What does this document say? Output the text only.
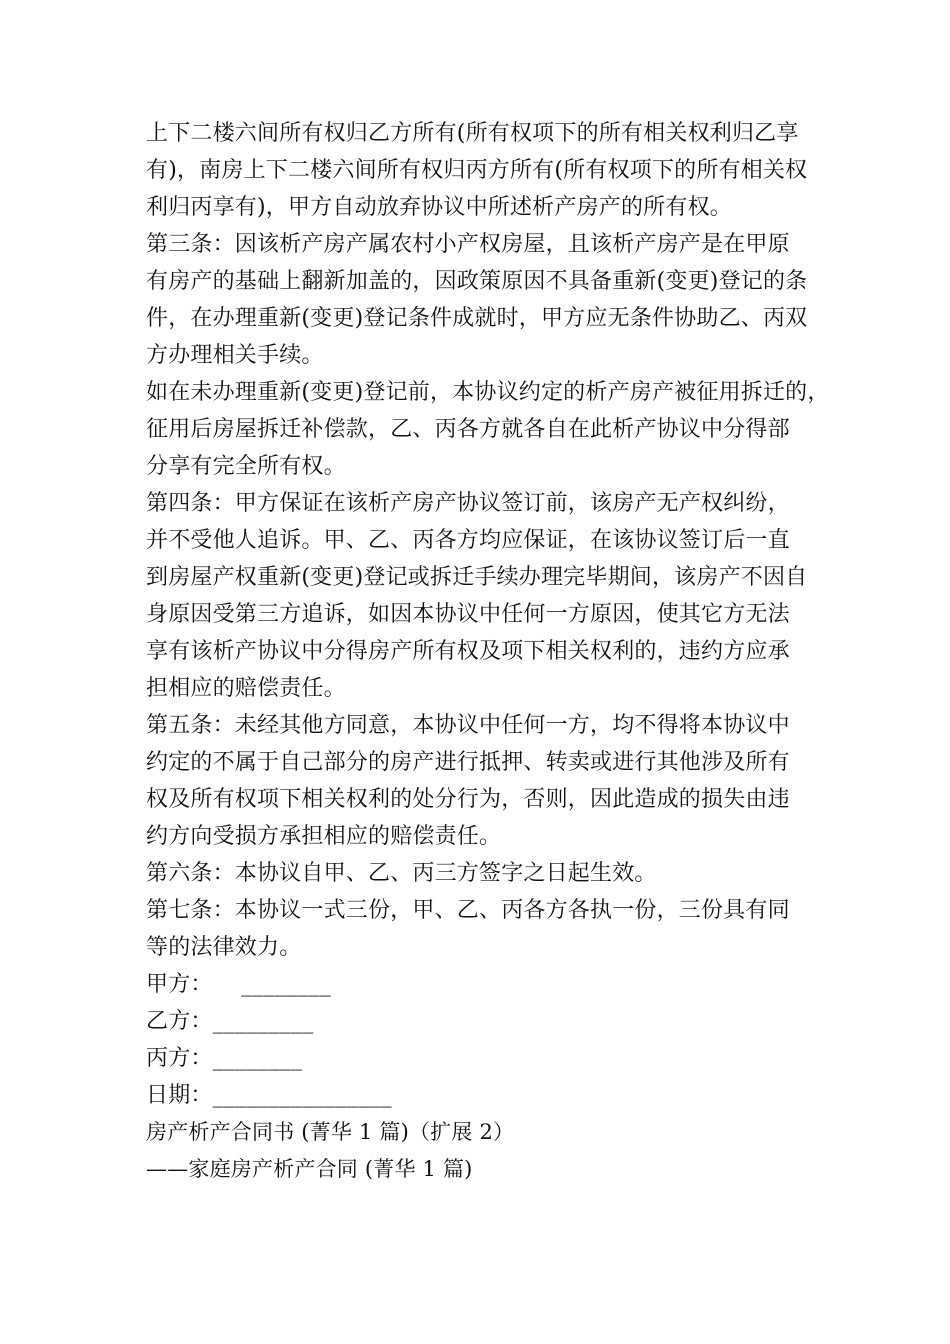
上下二楼六间所有权归乙方所有(所有权项下的所有相关权利归乙享
有)，南房上下二楼六间所有权归丙方所有(所有权项下的所有相关权
利归丙享有)，甲方自动放弃协议中所述析产房产的所有权。
第三条：因该析产房产属农村小产权房屋，且该析产房产是在甲原
有房产的基础上翻新加盖的，因政策原因不具备重新(变更)登记的条
件，在办理重新(变更)登记条件成就时，甲方应无条件协助乙、丙双
方办理相关手续。
如在未办理重新(变更)登记前，本协议约定的析产房产被征用拆迁的，
征用后房屋拆迁补偿款，乙、丙各方就各自在此析产协议中分得部
分享有完全所有权。
第四条：甲方保证在该析产房产协议签订前，该房产无产权纠纷，
并不受他人追诉。甲、乙、丙各方均应保证，在该协议签订后一直
到房屋产权重新(变更)登记或拆迁手续办理完毕期间，该房产不因自
身原因受第三方追诉，如因本协议中任何一方原因，使其它方无法
享有该析产协议中分得房产所有权及项下相关权利的，违约方应承
担相应的赔偿责任。
第五条：未经其他方同意，本协议中任何一方，均不得将本协议中
约定的不属于自己部分的房产进行抵押、转卖或进行其他涉及所有
权及所有权项下相关权利的处分行为，否则，因此造成的损失由违
约方向受损方承担相应的赔偿责任。
第六条：本协议自甲、乙、丙三方签字之日起生效。
第七条：本协议一式三份，甲、乙、丙各方各执一份，三份具有同
等的法律效力。
甲方：    ________
乙方：_________
丙方：________
日期：________________
房产析产合同书 (菁华 1 篇)（扩展 2）
——家庭房产析产合同 (菁华 1 篇)
